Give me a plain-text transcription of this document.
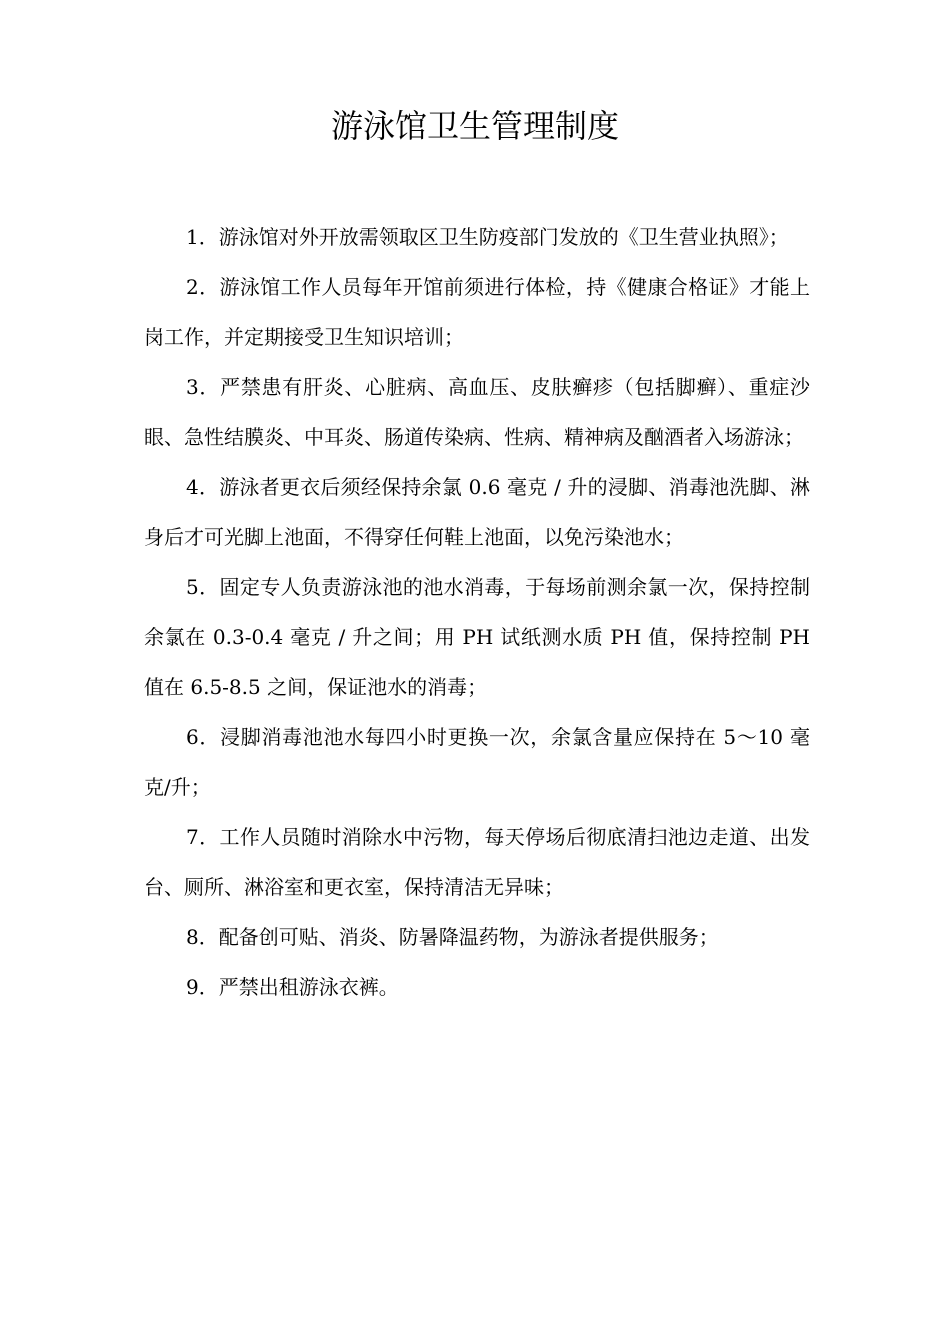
游泳馆卫生管理制度

1．游泳馆对外开放需领取区卫生防疫部门发放的《卫生营业执照》；

2．游泳馆工作人员每年开馆前须进行体检，持《健康合格证》才能上岗工作，并定期接受卫生知识培训；

3．严禁患有肝炎、心脏病、高血压、皮肤癣疹（包括脚癣）、重症沙眼、急性结膜炎、中耳炎、肠道传染病、性病、精神病及酗酒者入场游泳；

4．游泳者更衣后须经保持余氯 0.6 毫克 / 升的浸脚、消毒池洗脚、淋身后才可光脚上池面，不得穿任何鞋上池面，以免污染池水；

5．固定专人负责游泳池的池水消毒，于每场前测余氯一次，保持控制余氯在 0.3-0.4 毫克 / 升之间；用 PH 试纸测水质 PH 值，保持控制 PH 值在 6.5-8.5 之间，保证池水的消毒；

6．浸脚消毒池池水每四小时更换一次，余氯含量应保持在 5～10 毫克/升；

7．工作人员随时消除水中污物，每天停场后彻底清扫池边走道、出发台、厕所、淋浴室和更衣室，保持清洁无异味；

8．配备创可贴、消炎、防暑降温药物，为游泳者提供服务；

9．严禁出租游泳衣裤。
